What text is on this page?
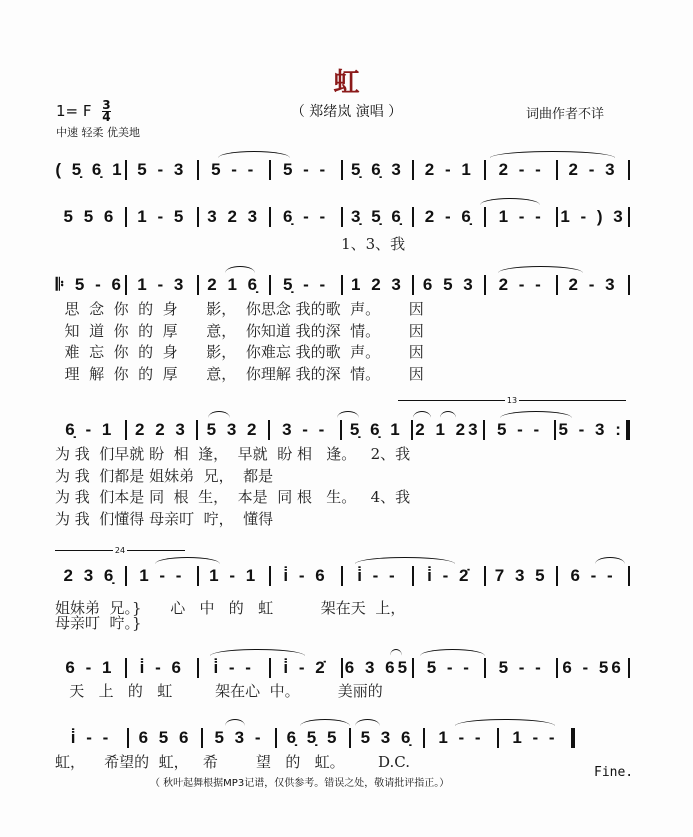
虹
1= F $\frac{3}{4}$
中速 轻柔 优美地
（ 郑绪岚 演唱 ）	词曲作者不详
( 5̣ 6̣ 1 5 - 3	5 - -	5 - -	5̣ 6̣ 3	2 - 1	2 - -	2 - 3
5 5 6	1 - 5	3 2 3	6̣ - -	3̣ 5̣ 6̣	2 - 6̣	1 - - 1 - ) 3
1、3、我
𝄆 5 - 6 1 - 3	2 1 6̣	5̣ - -	1 2 3	6 5 3	2 - -	2 - 3
思  念  你  的  身      影，  你思念 我的歌  声。      因
知  道  你  的  厚      意，  你知道 我的深  情。      因
难  忘  你  的  身      影，  你难忘 我的歌  声。      因
理  解  你  的  厚      意，  你理解 我的深  情。      因
6̣ - 1	2 2 3	5 3 2	3 - -	5̣ 6̣ 1 2 1 23 5 - - 5 - 3 :
13
为 我  们早就 盼  相  逢，  早就  盼 相   逢。   2、我
为 我  们都是 姐妹弟  兄，  都是
为 我  们本是 同  根  生，  本是  同 根   生。   4、我
为 我  们懂得 母亲叮  咛，  懂得
2 3 6̣	1 - -	1 - 1	i̇ - 6	i̇ - -	i̇ - 2̇	7 3 5	6 - -
24
姐妹弟  兄。}      心   中   的   虹          架在天  上，
母亲叮  咛。}
6 - 1	i̇ - 6	i̇ - -	i̇ - 2̇	6 3 65 5 - -	5 - -	6 - 56
天   上   的   虹         架在心  中。        美丽的
i̇ - -	6 5 6	5 3 -	6̣ 5̣ 5	5 3 6̣	1 - -	1 - -
虹，    希望的  虹，   希        望   的   虹。       D.C.
（ 秋叶起舞根据MP3记谱，仅供参考。错误之处，敬请批评指正。）

Fine.
